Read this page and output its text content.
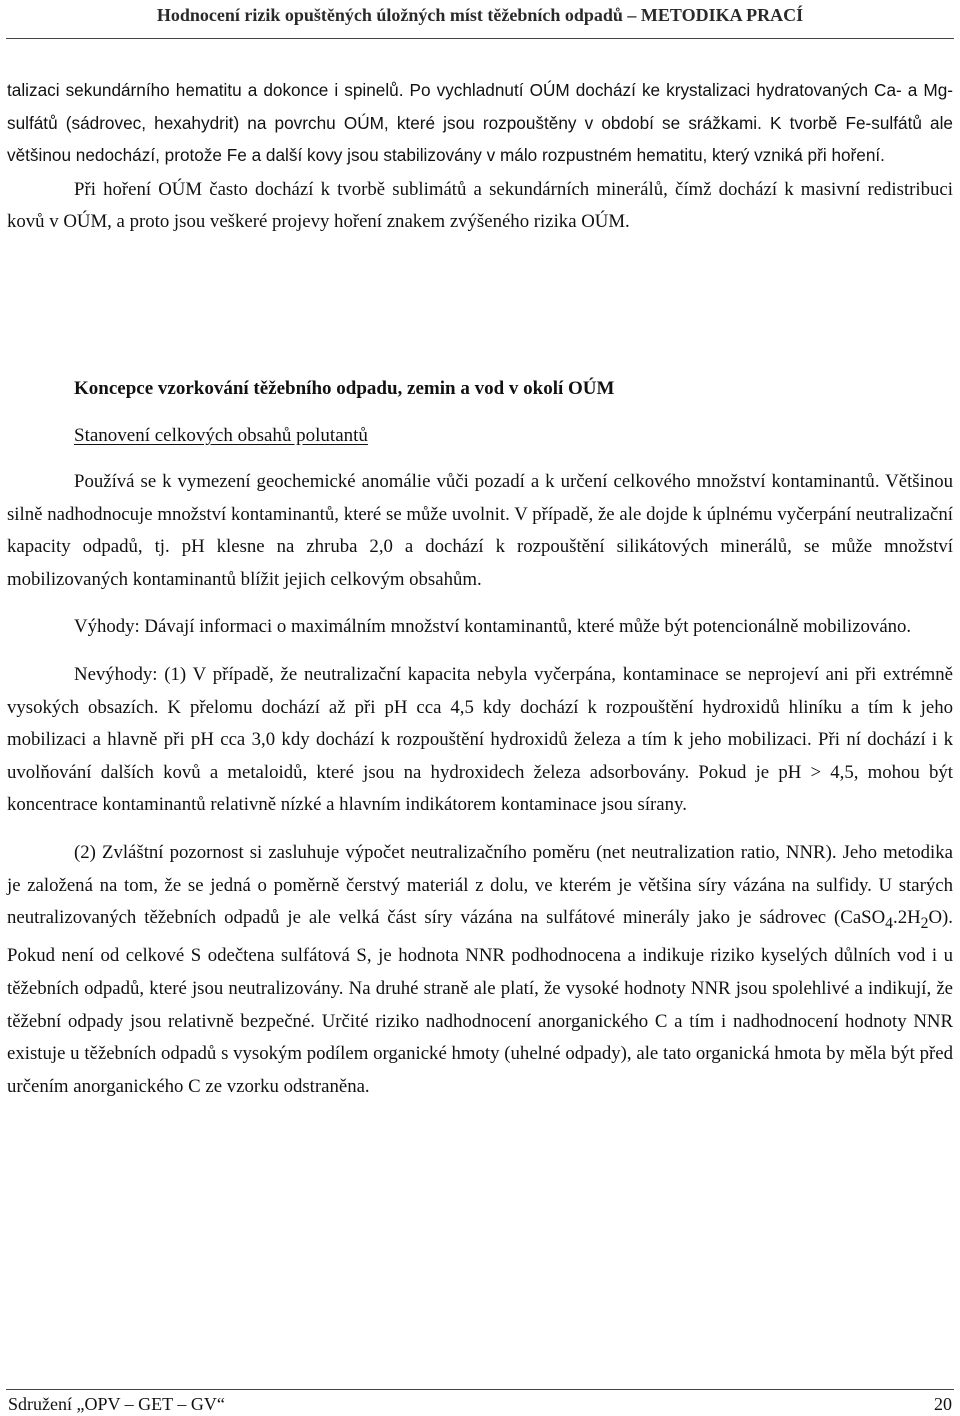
Hodnocení rizik opuštěných úložných míst těžebních odpadů – METODIKA PRACÍ

talizaci sekundárního hematitu a dokonce i spinelů. Po vychladnutí OÚM dochází ke krystalizaci hydratovaných Ca- a Mg-sulfátů (sádrovec, hexahydrit) na povrchu OÚM, které jsou rozpouštěny v období se srážkami. K tvorbě Fe-sulfátů ale většinou nedochází, protože Fe a další kovy jsou stabilizovány v málo rozpustném hematitu, který vzniká při hoření.

Při hoření OÚM často dochází k tvorbě sublimátů a sekundárních minerálů, čímž dochází k masivní redistribuci kovů v OÚM, a proto jsou veškeré projevy hoření znakem zvýšeného rizika OÚM.

Koncepce vzorkování těžebního odpadu, zemin a vod v okolí OÚM
Stanovení celkových obsahů polutantů

Používá se k vymezení geochemické anomálie vůči pozadí a k určení celkového množství kontaminantů. Většinou silně nadhodnocuje množství kontaminantů, které se může uvolnit. V případě, že ale dojde k úplnému vyčerpání neutralizační kapacity odpadů, tj. pH klesne na zhruba 2,0 a dochází k rozpouštění silikátových minerálů, se může množství mobilizovaných kontaminantů blížit jejich celkovým obsahům.

Výhody: Dávají informaci o maximálním množství kontaminantů, které může být potencionálně mobilizováno.

Nevýhody: (1) V případě, že neutralizační kapacita nebyla vyčerpána, kontaminace se neprojeví ani při extrémně vysokých obsazích. K přelomu dochází až při pH cca 4,5 kdy dochází k rozpouštění hydroxidů hliníku a tím k jeho mobilizaci a hlavně při pH cca 3,0 kdy dochází k rozpouštění hydroxidů železa a tím k jeho mobilizaci. Při ní dochází i k uvolňování dalších kovů a metaloidů, které jsou na hydroxidech železa adsorbovány. Pokud je pH > 4,5, mohou být koncentrace kontaminantů relativně nízké a hlavním indikátorem kontaminace jsou sírany.

(2) Zvláštní pozornost si zasluhuje výpočet neutralizačního poměru (net neutralization ratio, NNR). Jeho metodika je založená na tom, že se jedná o poměrně čerstvý materiál z dolu, ve kterém je většina síry vázána na sulfidy. U starých neutralizovaných těžebních odpadů je ale velká část síry vázána na sulfátové minerály jako je sádrovec $(CaSO_4.2H_2O)$. Pokud není od celkové S odečtena sulfátová S, je hodnota NNR podhodnocena a indikuje riziko kyselých důlních vod i u těžebních odpadů, které jsou neutralizovány. Na druhé straně ale platí, že vysoké hodnoty NNR jsou spolehlivé a indikují, že těžební odpady jsou relativně bezpečné. Určité riziko nadhodnocení anorganického C a tím i nadhodnocení hodnoty NNR existuje u těžebních odpadů s vysokým podílem organické hmoty (uhelné odpady), ale tato organická hmota by měla být před určením anorganického C ze vzorku odstraněna.

Sdružení „OPV – GET – GV“	20
